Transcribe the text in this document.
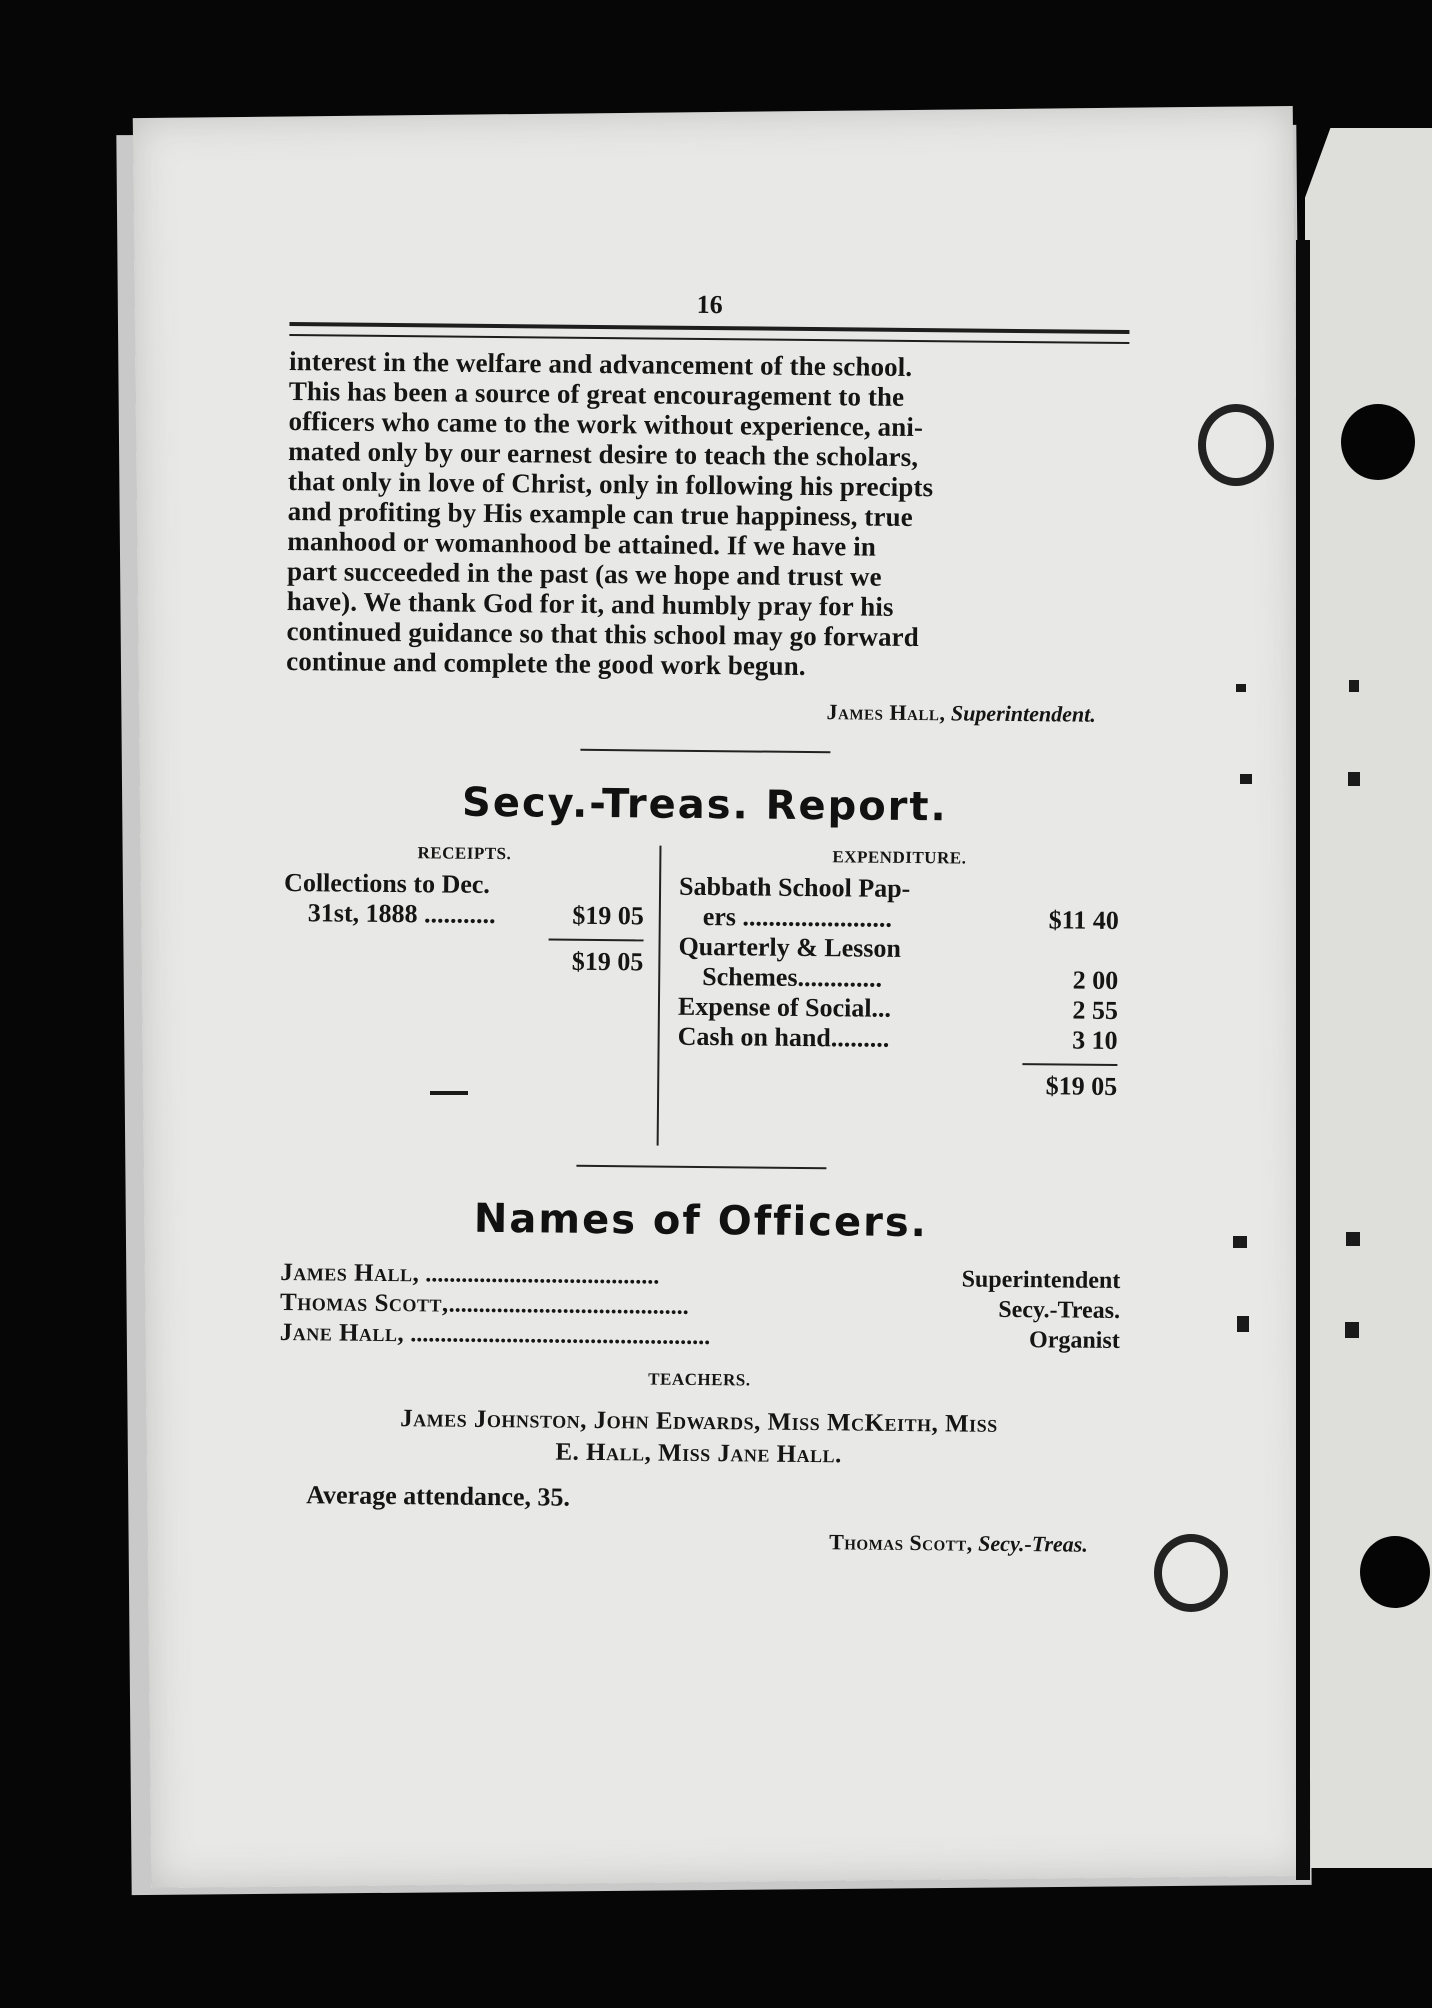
16

interest in the welfare and advancement of the school.

This has been a source of great encouragement to the

officers who came to the work without experience, ani-

mated only by our earnest desire to teach the scholars,

that only in love of Christ, only in following his precipts

and profiting by His example can true happiness, true

manhood or womanhood be attained. If we have in

part succeeded in the past (as we hope and trust we

have). We thank God for it, and humbly pray for his

continued guidance so that this school may go forward

continue and complete the good work begun.

James Hall, Superintendent.
Secy.-Treas. Report.
RECEIPTS.
Collections to Dec.
31st, 1888 ...........	$19 05
$19 05
EXPENDITURE.
Sabbath School Pap-
ers .......................	$11 40
Quarterly & Lesson
Schemes.............	2 00
Expense of Social...	2 55
Cash on hand.........	3 10
$19 05
Names of Officers.
James Hall, .......................................	Superintendent
Thomas Scott,........................................	Secy.-Treas.
Jane Hall, ..................................................	Organist
TEACHERS.
James Johnston, John Edwards, Miss McKeith, Miss
E. Hall, Miss Jane Hall.
Average attendance, 35.
Thomas Scott, Secy.-Treas.
